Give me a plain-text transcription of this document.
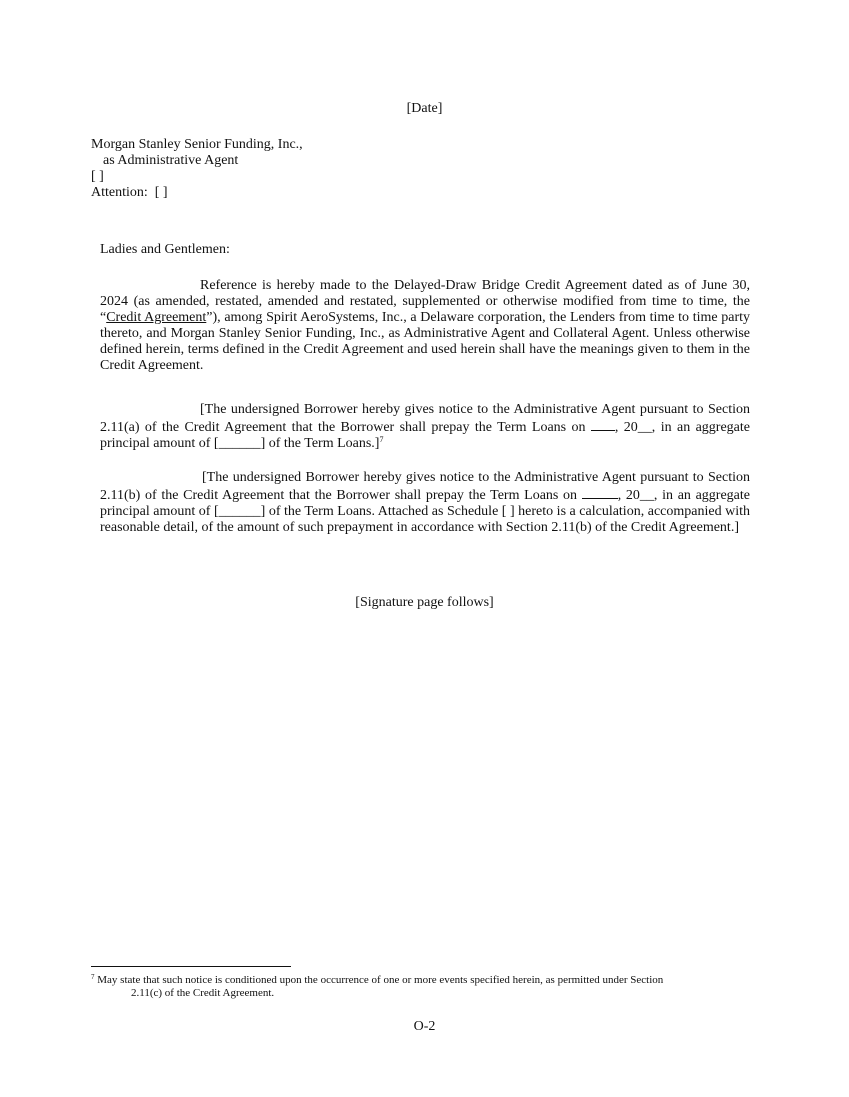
[Date]
Morgan Stanley Senior Funding, Inc.,
as Administrative Agent
[ ]
Attention:  [ ]
Ladies and Gentlemen:
Reference is hereby made to the Delayed-Draw Bridge Credit Agreement dated as of June 30, 2024 (as amended, restated, amended and restated, supplemented or otherwise modified from time to time, the “Credit Agreement”), among Spirit AeroSystems, Inc., a Delaware corporation, the Lenders from time to time party thereto, and Morgan Stanley Senior Funding, Inc., as Administrative Agent and Collateral Agent. Unless otherwise defined herein, terms defined in the Credit Agreement and used herein shall have the meanings given to them in the Credit Agreement.
[The undersigned Borrower hereby gives notice to the Administrative Agent pursuant to Section 2.11(a) of the Credit Agreement that the Borrower shall prepay the Term Loans on , 20__, in an aggregate principal amount of [______] of the Term Loans.]$^7$
[The undersigned Borrower hereby gives notice to the Administrative Agent pursuant to Section 2.11(b) of the Credit Agreement that the Borrower shall prepay the Term Loans on	, 20__, in an aggregate principal amount of [______] of the Term Loans. Attached as Schedule [ ] hereto is a calculation, accompanied with reasonable detail, of the amount of such prepayment in accordance with Section 2.11(b) of the Credit Agreement.]
[Signature page follows]
$^7$ May state that such notice is conditioned upon the occurrence of one or more events specified herein, as permitted under Section
2.11(c) of the Credit Agreement.
O-2
